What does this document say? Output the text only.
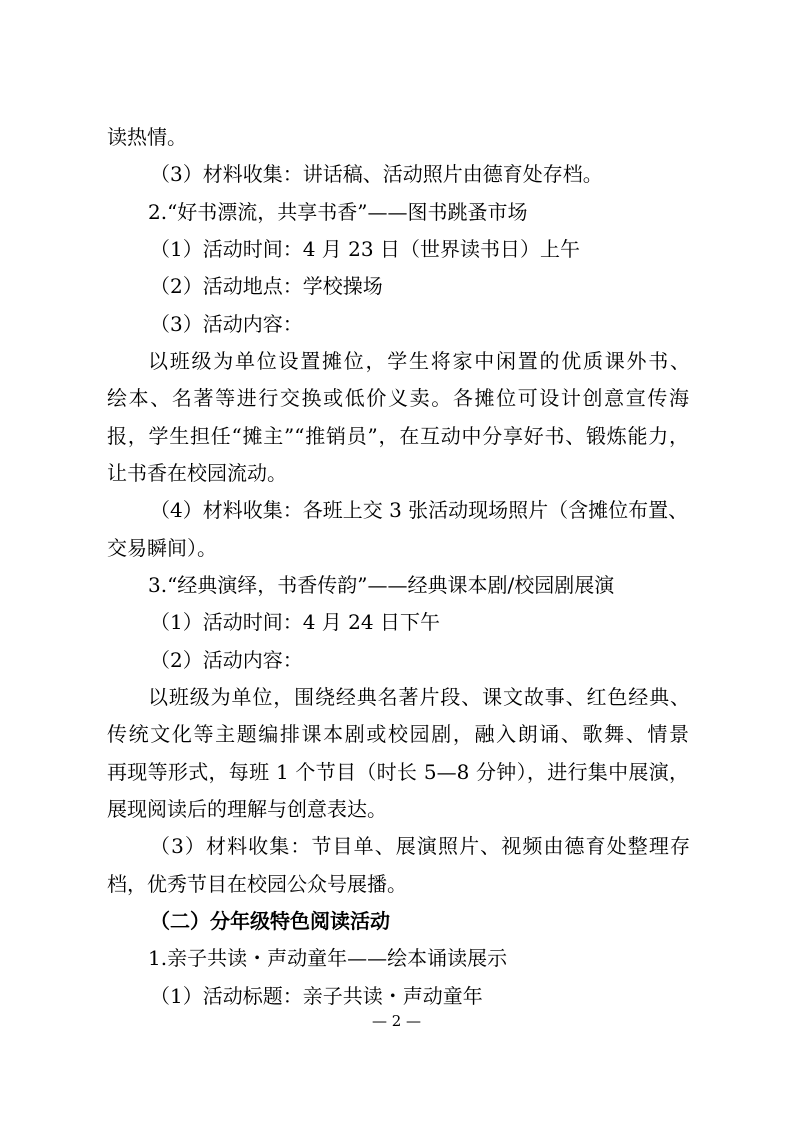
读热情。
（3）材料收集：讲话稿、活动照片由德育处存档。
2.“好书漂流，共享书香”——图书跳蚤市场
（1）活动时间：4 月 23 日（世界读书日）上午
（2）活动地点：学校操场
（3）活动内容：
以班级为单位设置摊位，学生将家中闲置的优质课外书、
绘本、名著等进行交换或低价义卖。各摊位可设计创意宣传海
报，学生担任“摊主”“推销员”，在互动中分享好书、锻炼能力，
让书香在校园流动。
（4）材料收集：各班上交 3 张活动现场照片（含摊位布置、
交易瞬间）。
3.“经典演绎，书香传韵”——经典课本剧/校园剧展演
（1）活动时间：4 月 24 日下午
（2）活动内容：
以班级为单位，围绕经典名著片段、课文故事、红色经典、
传统文化等主题编排课本剧或校园剧，融入朗诵、歌舞、情景
再现等形式，每班 1 个节目（时长 5—8 分钟），进行集中展演，
展现阅读后的理解与创意表达。
（3）材料收集：节目单、展演照片、视频由德育处整理存
档，优秀节目在校园公众号展播。
（二）分年级特色阅读活动
1.亲子共读・声动童年——绘本诵读展示
（1）活动标题：亲子共读・声动童年
— 2 —
